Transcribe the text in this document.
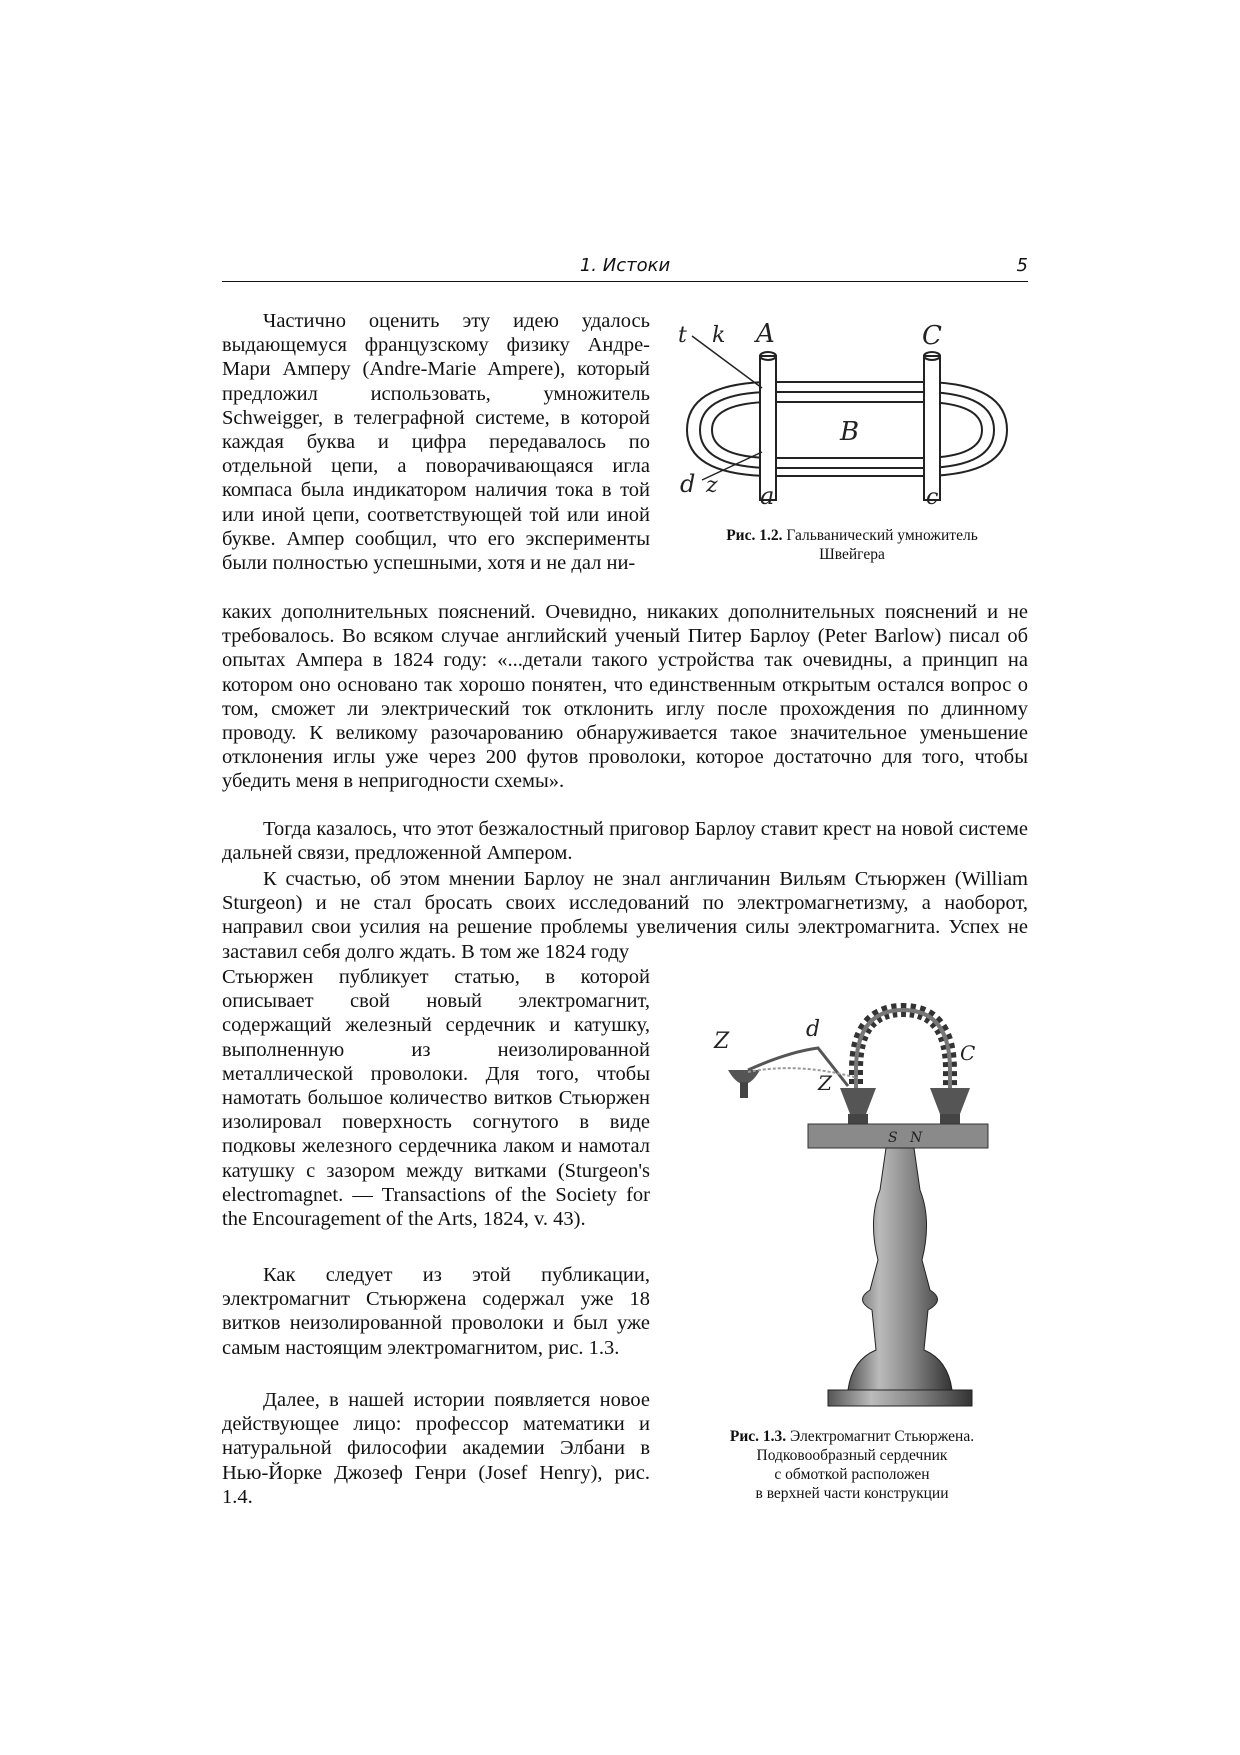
1. Истоки	5

Частично оценить эту идею удалось выдающемуся французскому физику Андре-Мари Амперу (Andre-Marie Ampere), который предложил использовать, умножитель Schweigger, в телеграфной системе, в которой каждая буква и цифра передавалось по отдельной цепи, а поворачивающаяся игла компаса была индикатором наличия тока в той или иной цепи, соответствующей той или иной букве. Ампер сообщил, что его эксперименты были полностью успешными, хотя и не дал ни-

каких дополнительных пояснений. Очевидно, никаких дополнительных пояснений и не требовалось. Во всяком случае английский ученый Питер Барлоу (Peter Barlow) писал об опытах Ампера в 1824 году: «...детали такого устройства так очевидны, а принцип на котором оно основано так хорошо понятен, что единственным открытым остался вопрос о том, сможет ли электрический ток отклонить иглу после прохождения по длинному проводу. К великому разочарованию обнаруживается такое значительное уменьшение отклонения иглы уже через 200 футов проволоки, которое достаточно для того, чтобы убедить меня в непригодности схемы».

Тогда казалось, что этот безжалостный приговор Барлоу ставит крест на новой системе дальней связи, предложенной Ампером.

К счастью, об этом мнении Барлоу не знал англичанин Вильям Стьюржен (William Sturgeon) и не стал бросать своих исследований по электромагнетизму, а наоборот, направил свои усилия на решение проблемы увеличения силы электромагнита. Успех не заставил себя долго ждать. В том же 1824 году

Стьюржен публикует статью, в которой описывает свой новый электромагнит, содержащий железный сердечник и катушку, выполненную из неизолированной металлической проволоки. Для того, чтобы намотать большое количество витков Стьюржен изолировал поверхность согнутого в виде подковы железного сердечника лаком и намотал катушку с зазором между витками (Sturgeon's electromagnet. — Transactions of the Society for the Encouragement of the Arts, 1824, v. 43).

Как следует из этой публикации, электромагнит Стьюржена содержал уже 18 витков неизолированной проволоки и был уже самым настоящим электромагнитом, рис. 1.3.

Далее, в нашей истории появляется новое действующее лицо: профессор математики и натуральной философии академии Элбани в Нью-Йорке Джозеф Генри (Josef Henry), рис. 1.4.

t k A	C
B
d z a	c
Рис. 1.2. Гальванический умножитель
Швейгера
Z	d
Z
C
S N
Рис. 1.3. Электромагнит Стьюржена.
Подковообразный сердечник
с обмоткой расположен
в верхней части конструкции
